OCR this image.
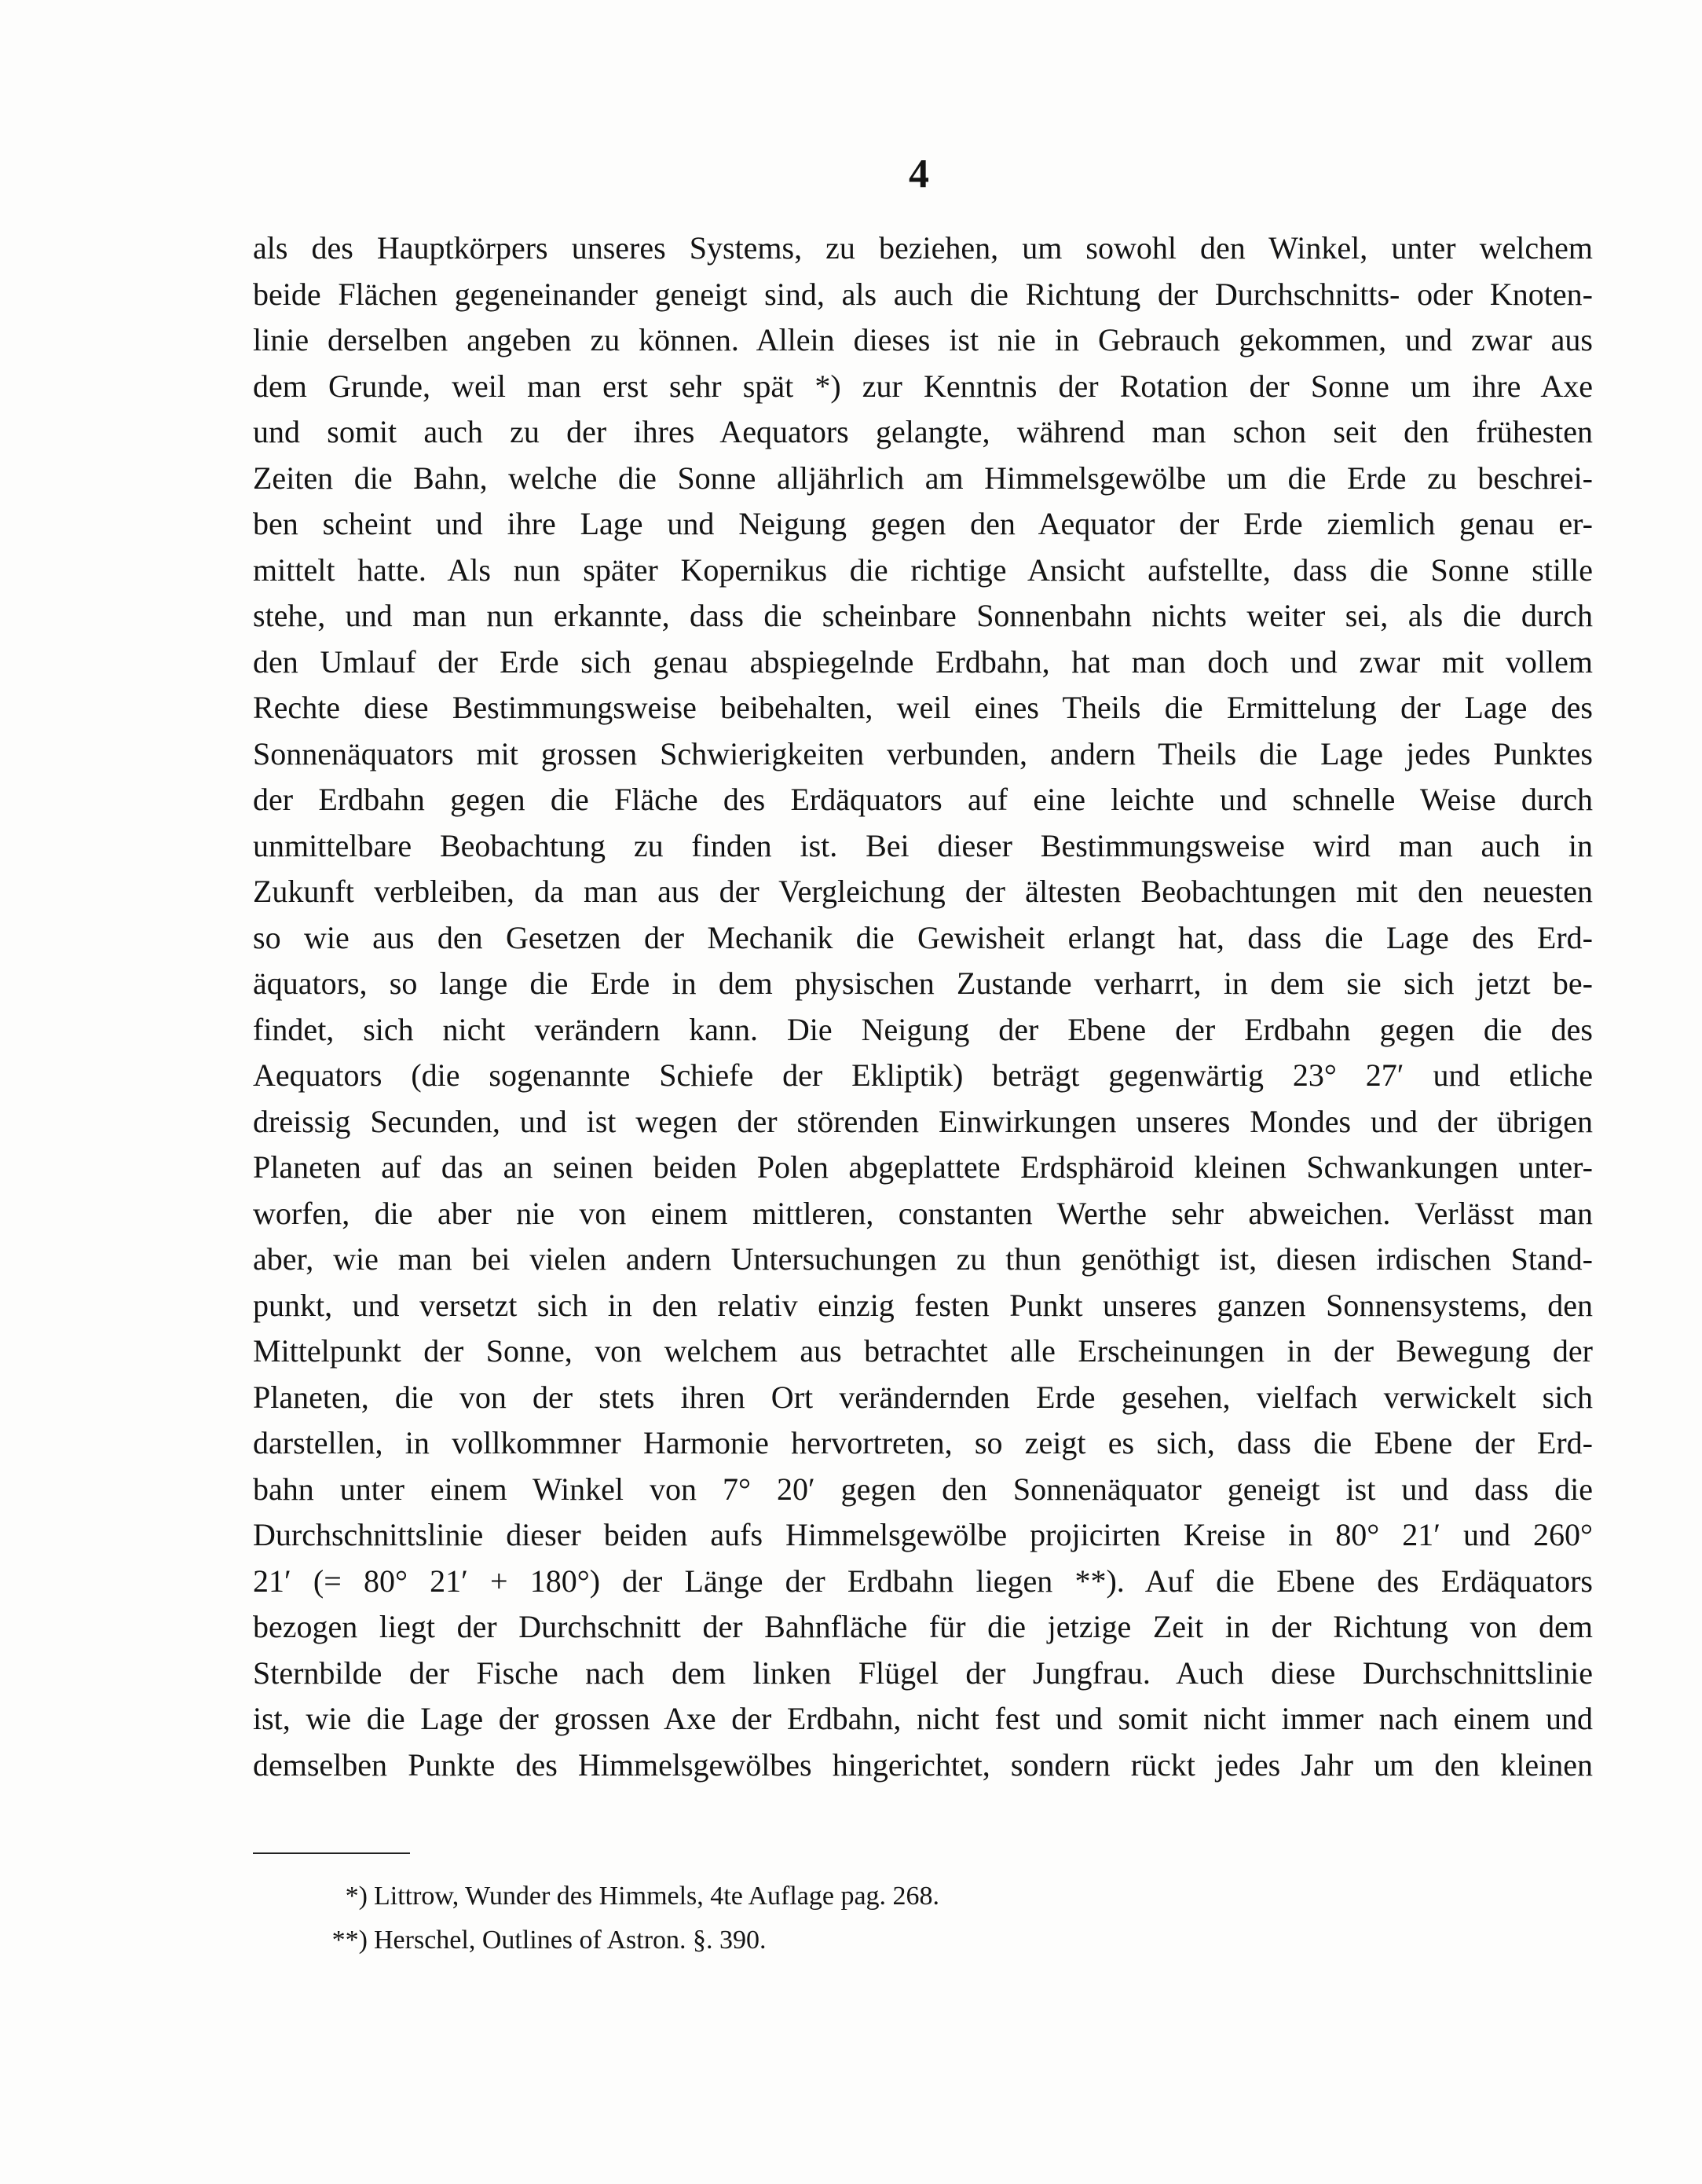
4
als des Hauptkörpers unseres Systems, zu beziehen, um sowohl den Winkel, unter welchem
beide Flächen gegeneinander geneigt sind, als auch die Richtung der Durchschnitts- oder Knoten-
linie derselben angeben zu können. Allein dieses ist nie in Gebrauch gekommen, und zwar aus
dem Grunde, weil man erst sehr spät *) zur Kenntnis der Rotation der Sonne um ihre Axe
und somit auch zu der ihres Aequators gelangte, während man schon seit den frühesten
Zeiten die Bahn, welche die Sonne alljährlich am Himmelsgewölbe um die Erde zu beschrei-
ben scheint und ihre Lage und Neigung gegen den Aequator der Erde ziemlich genau er-
mittelt hatte. Als nun später Kopernikus die richtige Ansicht aufstellte, dass die Sonne stille
stehe, und man nun erkannte, dass die scheinbare Sonnenbahn nichts weiter sei, als die durch
den Umlauf der Erde sich genau abspiegelnde Erdbahn, hat man doch und zwar mit vollem
Rechte diese Bestimmungsweise beibehalten, weil eines Theils die Ermittelung der Lage des
Sonnenäquators mit grossen Schwierigkeiten verbunden, andern Theils die Lage jedes Punktes
der Erdbahn gegen die Fläche des Erdäquators auf eine leichte und schnelle Weise durch
unmittelbare Beobachtung zu finden ist. Bei dieser Bestimmungsweise wird man auch in
Zukunft verbleiben, da man aus der Vergleichung der ältesten Beobachtungen mit den neuesten
so wie aus den Gesetzen der Mechanik die Gewisheit erlangt hat, dass die Lage des Erd-
äquators, so lange die Erde in dem physischen Zustande verharrt, in dem sie sich jetzt be-
findet, sich nicht verändern kann. Die Neigung der Ebene der Erdbahn gegen die des
Aequators (die sogenannte Schiefe der Ekliptik) beträgt gegenwärtig 23° 27′ und etliche
dreissig Secunden, und ist wegen der störenden Einwirkungen unseres Mondes und der übrigen
Planeten auf das an seinen beiden Polen abgeplattete Erdsphäroid kleinen Schwankungen unter-
worfen, die aber nie von einem mittleren, constanten Werthe sehr abweichen. Verlässt man
aber, wie man bei vielen andern Untersuchungen zu thun genöthigt ist, diesen irdischen Stand-
punkt, und versetzt sich in den relativ einzig festen Punkt unseres ganzen Sonnensystems, den
Mittelpunkt der Sonne, von welchem aus betrachtet alle Erscheinungen in der Bewegung der
Planeten, die von der stets ihren Ort verändernden Erde gesehen, vielfach verwickelt sich
darstellen, in vollkommner Harmonie hervortreten, so zeigt es sich, dass die Ebene der Erd-
bahn unter einem Winkel von 7° 20′ gegen den Sonnenäquator geneigt ist und dass die
Durchschnittslinie dieser beiden aufs Himmelsgewölbe projicirten Kreise in 80° 21′ und 260°
21′ (= 80° 21′ + 180°) der Länge der Erdbahn liegen **). Auf die Ebene des Erdäquators
bezogen liegt der Durchschnitt der Bahnfläche für die jetzige Zeit in der Richtung von dem
Sternbilde der Fische nach dem linken Flügel der Jungfrau. Auch diese Durchschnittslinie
ist, wie die Lage der grossen Axe der Erdbahn, nicht fest und somit nicht immer nach einem und
demselben Punkte des Himmelsgewölbes hingerichtet, sondern rückt jedes Jahr um den kleinen
*) Littrow, Wunder des Himmels, 4te Auflage pag. 268.
**) Herschel, Outlines of Astron. §. 390.
